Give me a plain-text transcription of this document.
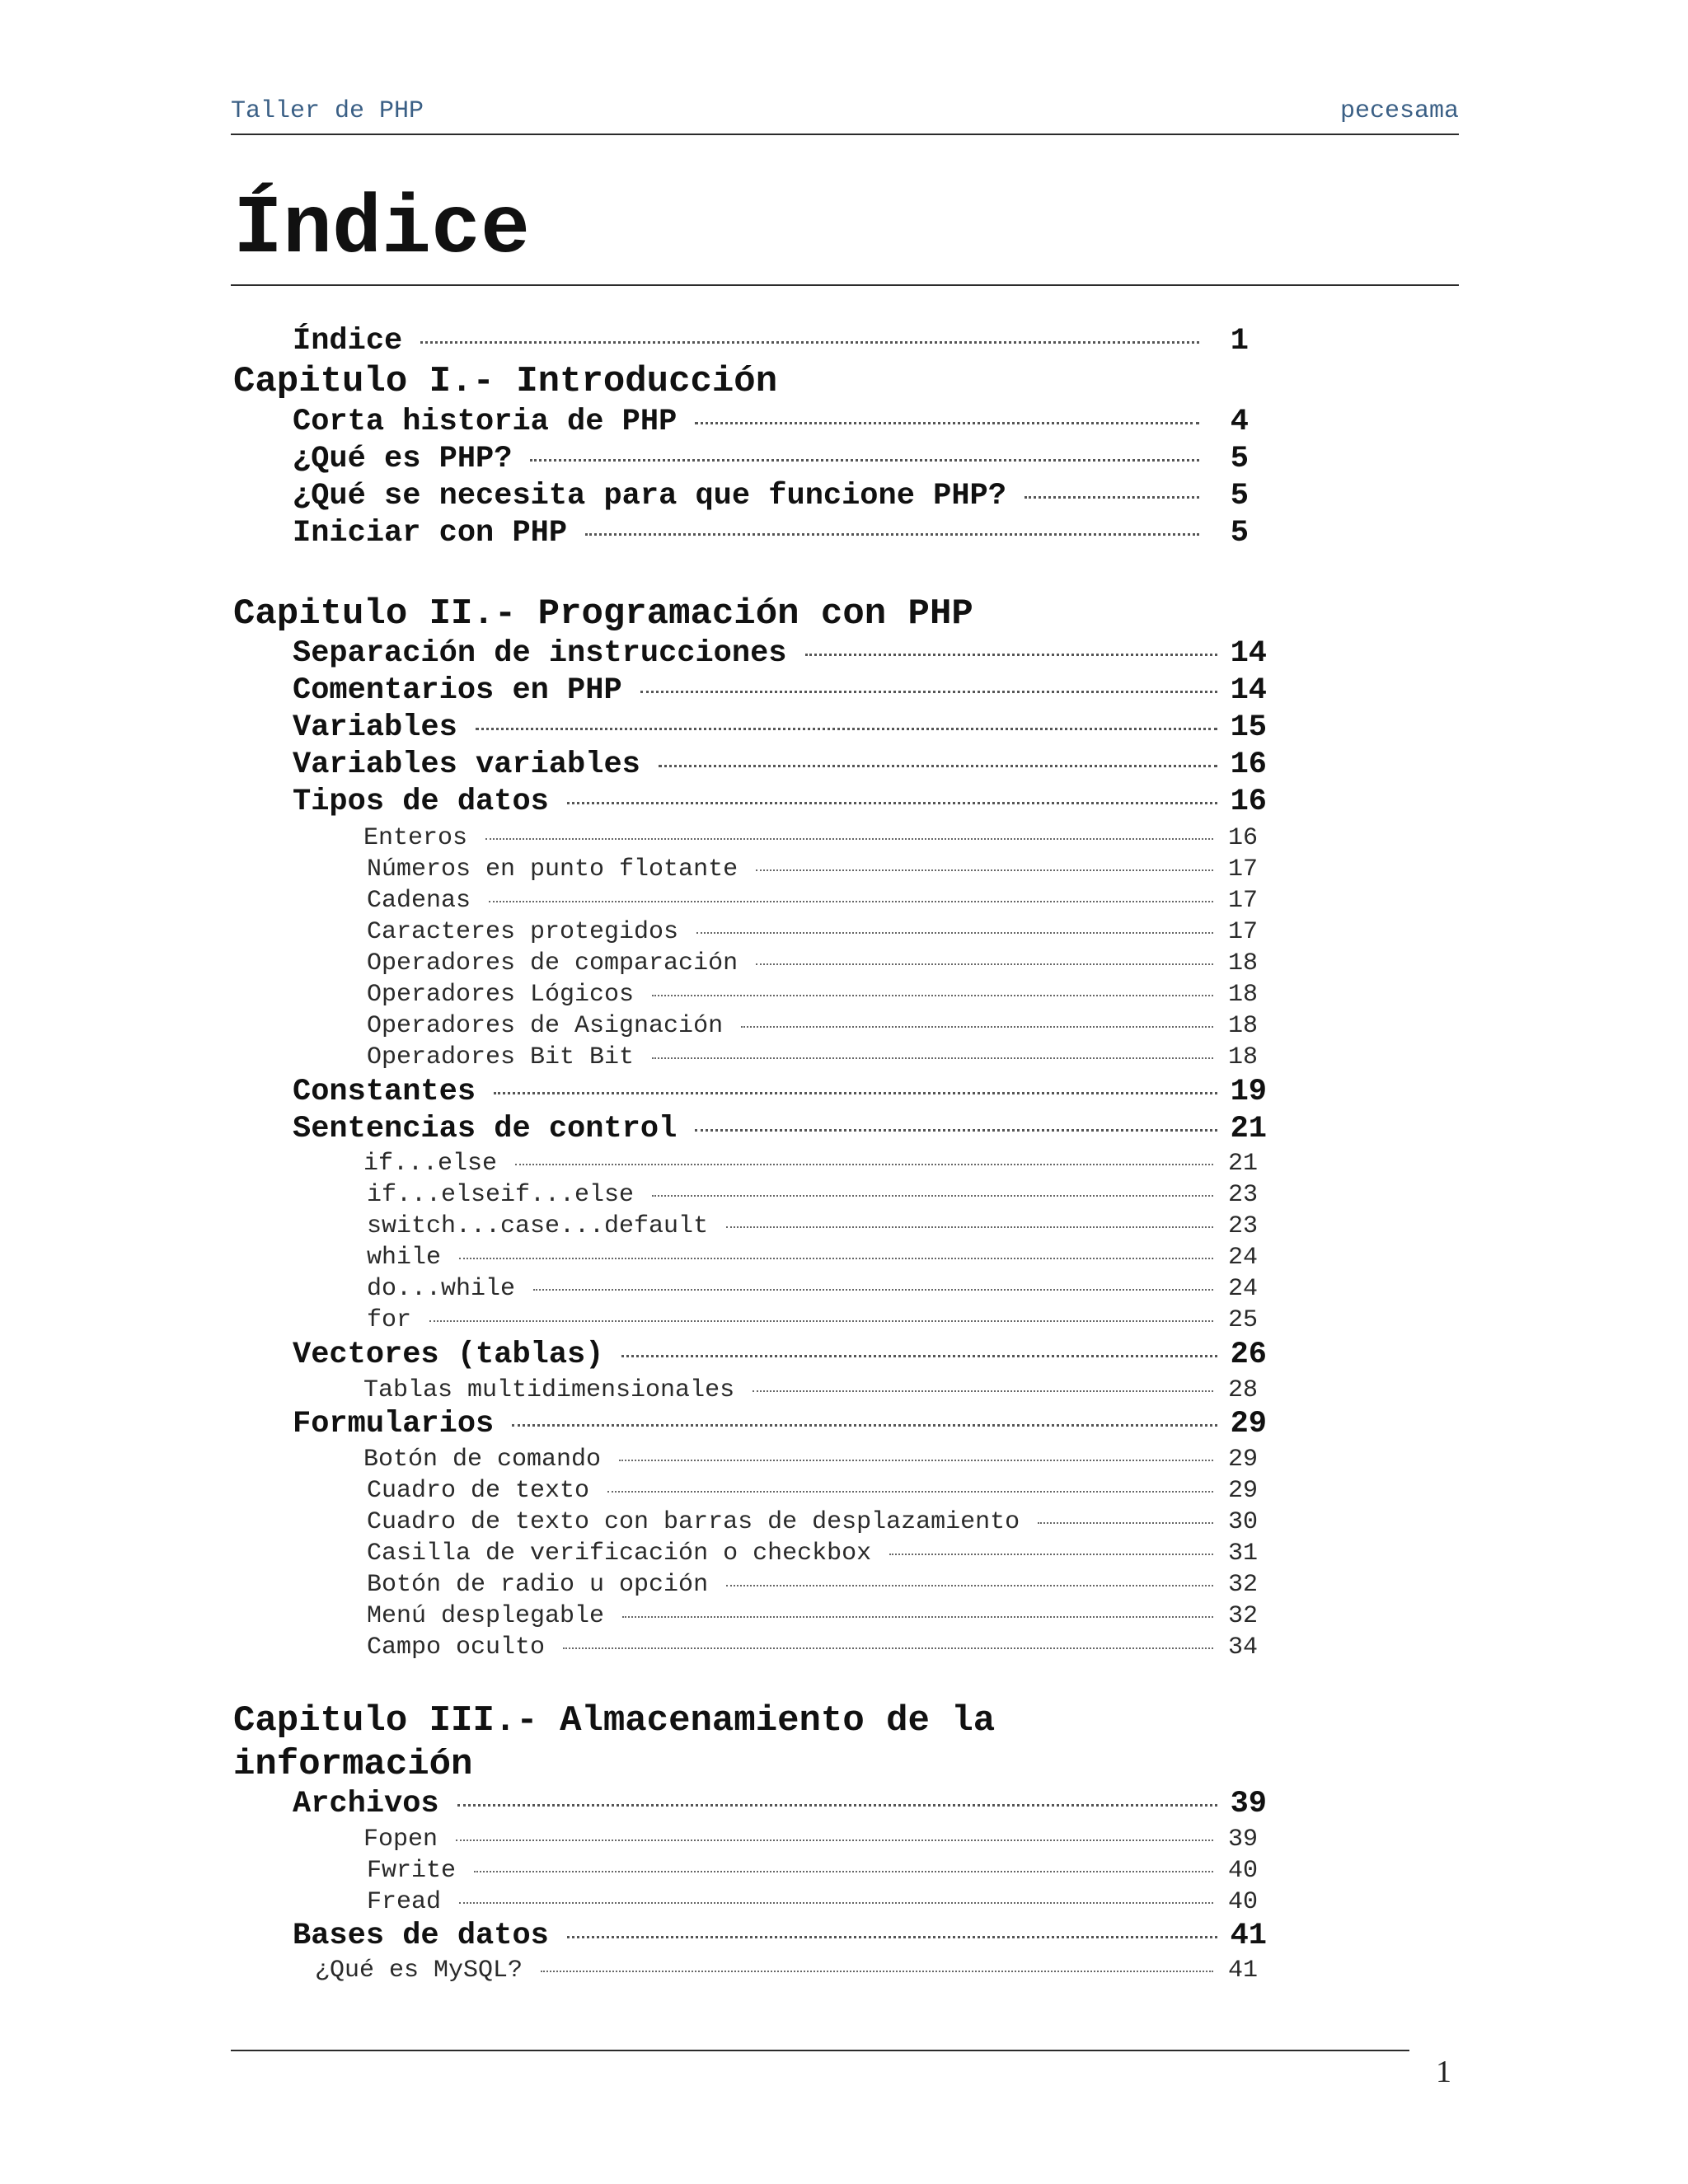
Taller de PHP	pecesama
Índice
Índice	1
Capitulo I.- Introducción
Corta historia de PHP	4
¿Qué es PHP?	5
¿Qué se necesita para que funcione PHP?	5
Iniciar con PHP	5
Capitulo II.- Programación con PHP
Separación de instrucciones	14
Comentarios en PHP	14
Variables	15
Variables variables	16
Tipos de datos	16
Enteros	16
Números en punto flotante	17
Cadenas	17
Caracteres protegidos	17
Operadores de comparación	18
Operadores Lógicos	18
Operadores de Asignación	18
Operadores Bit Bit	18
Constantes	19
Sentencias de control	21
if...else	21
if...elseif...else	23
switch...case...default	23
while	24
do...while	24
for	25
Vectores (tablas)	26
Tablas multidimensionales	28
Formularios	29
Botón de comando	29
Cuadro de texto	29
Cuadro de texto con barras de desplazamiento	30
Casilla de verificación o checkbox	31
Botón de radio u opción	32
Menú desplegable	32
Campo oculto	34
Capitulo III.- Almacenamiento de la
información
Archivos	39
Fopen	39
Fwrite	40
Fread	40
Bases de datos	41
¿Qué es MySQL?	41
1
